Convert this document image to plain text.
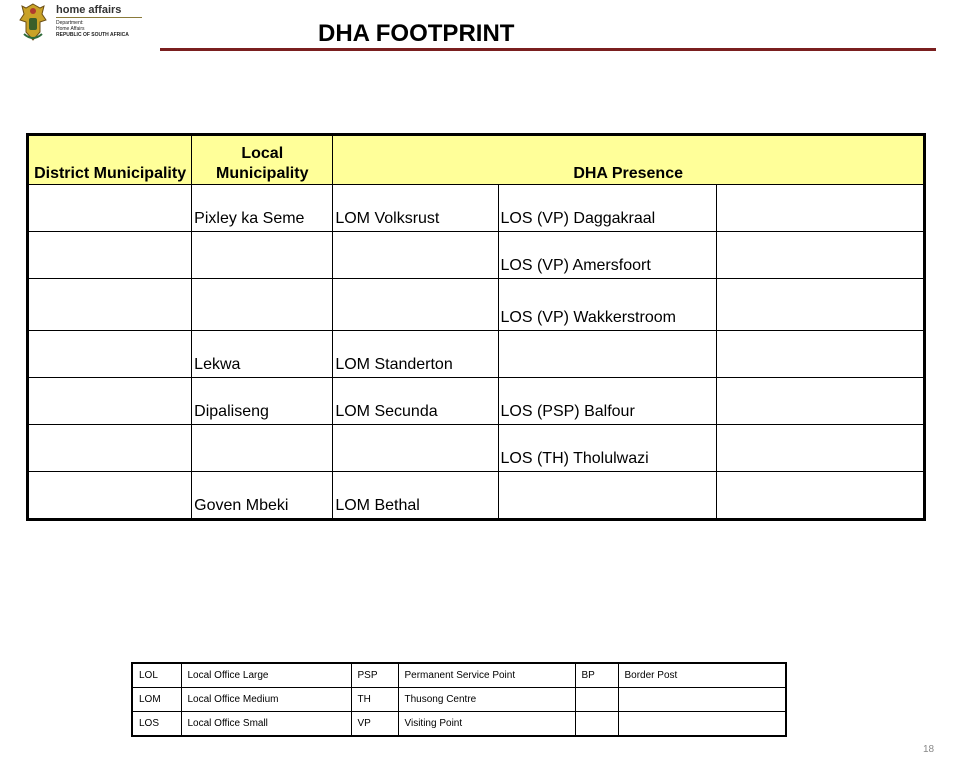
home affairs
Department:
Home Affairs
REPUBLIC OF SOUTH AFRICA	DHA FOOTPRINT
District Municipality	Local Municipality	DHA Presence		
	Pixley ka Seme	LOM Volksrust	LOS (VP) Daggakraal	
			LOS (VP) Amersfoort	
			LOS (VP) Wakkerstroom	
	Lekwa	LOM Standerton		
	Dipaliseng	LOM Secunda	LOS (PSP) Balfour	
			LOS (TH) Tholulwazi	
	Goven Mbeki	LOM Bethal		
LOL	Local Office Large	PSP	Permanent Service Point	BP	Border Post
LOM	Local Office Medium	TH	Thusong Centre		
LOS	Local Office Small	VP	Visiting Point		
18
